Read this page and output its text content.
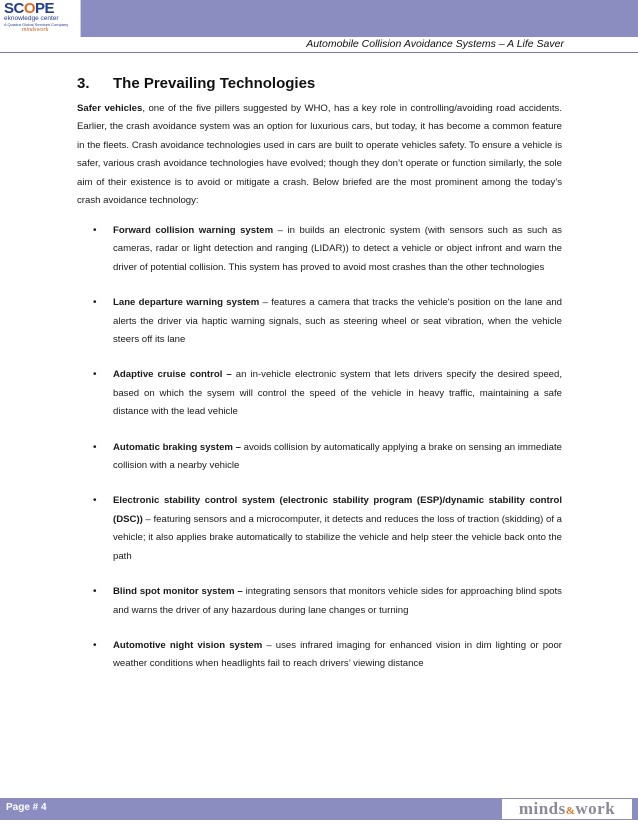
SCOPE
eknowledge center
A Quadra Global Services Company
mindswork
Automobile Collision Avoidance Systems – A Life Saver
3. The Prevailing Technologies

Safer vehicles, one of the five pillers suggested by WHO, has a key role in controlling/avoiding road accidents. Earlier, the crash avoidance system was an option for luxurious cars, but today, it has become a common feature in the fleets. Crash avoidance technologies used in cars are built to operate vehicles safety. To ensure a vehicle is safer, various crash avoidance technologies have evolved; though they don’t operate or function similarly, the sole aim of their existence is to avoid or mitigate a crash. Below briefed are the most prominent among the today’s crash avoidance technology:

• Forward collision warning system – in builds an electronic system (with sensors such as such as cameras, radar or light detection and ranging (LIDAR)) to detect a vehicle or object infront and warn the driver of potential collision. This system has proved to avoid most crashes than the other technologies
• Lane departure warning system – features a camera that tracks the vehicle's position on the lane and alerts the driver via haptic warning signals, such as steering wheel or seat vibration, when the vehicle steers off its lane
• Adaptive cruise control – an in-vehicle electronic system that lets drivers specify the desired speed, based on which the sysem will control the speed of the vehicle in heavy traffic, maintaining a safe distance with the lead vehicle
• Automatic braking system – avoids collision by automatically applying a brake on sensing an immediate collision with a nearby vehicle
• Electronic stability control system (electronic stability program (ESP)/dynamic stability control (DSC)) – featuring sensors and a microcomputer, it detects and reduces the loss of traction (skidding) of a vehicle; it also applies brake automatically to stabilize the vehicle and help steer the vehicle back onto the path
• Blind spot monitor system – integrating sensors that monitors vehicle sides for approaching blind spots and warns the driver of any hazardous during lane changes or turning
• Automotive night vision system – uses infrared imaging for enhanced vision in dim lighting or poor weather conditions when headlights fail to reach drivers’ viewing distance
Page # 4	minds&work
